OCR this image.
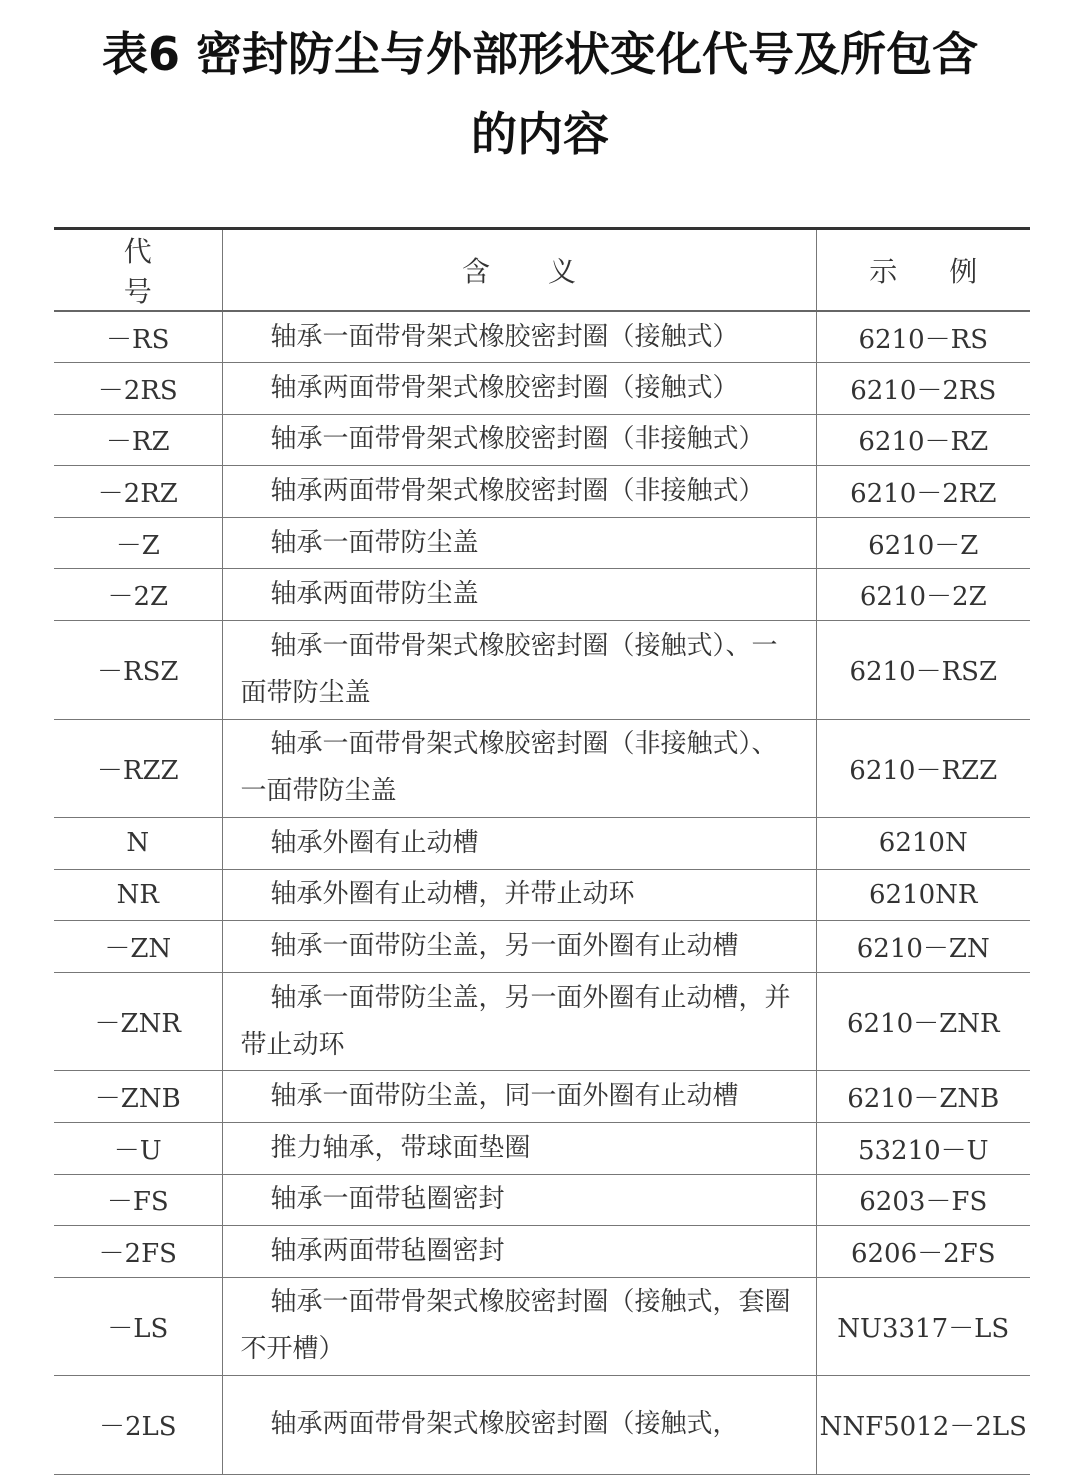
表6 密封防尘与外部形状变化代号及所包含
的内容
代号	含义	示例
－RS	轴承一面带骨架式橡胶密封圈（接触式）	6210－RS
－2RS	轴承两面带骨架式橡胶密封圈（接触式）	6210－2RS
－RZ	轴承一面带骨架式橡胶密封圈（非接触式）	6210－RZ
－2RZ	轴承两面带骨架式橡胶密封圈（非接触式）	6210－2RZ
－Z	轴承一面带防尘盖	6210－Z
－2Z	轴承两面带防尘盖	6210－2Z
－RSZ	轴承一面带骨架式橡胶密封圈（接触式）、一面带防尘盖	6210－RSZ
－RZZ	轴承一面带骨架式橡胶密封圈（非接触式）、一面带防尘盖	6210－RZZ
N	轴承外圈有止动槽	6210N
NR	轴承外圈有止动槽，并带止动环	6210NR
－ZN	轴承一面带防尘盖，另一面外圈有止动槽	6210－ZN
－ZNR	轴承一面带防尘盖，另一面外圈有止动槽，并带止动环	6210－ZNR
－ZNB	轴承一面带防尘盖，同一面外圈有止动槽	6210－ZNB
－U	推力轴承，带球面垫圈	53210－U
－FS	轴承一面带毡圈密封	6203－FS
－2FS	轴承两面带毡圈密封	6206－2FS
－LS	轴承一面带骨架式橡胶密封圈（接触式，套圈不开槽）	NU3317－LS
－2LS	轴承两面带骨架式橡胶密封圈（接触式，	NNF5012－2LS
